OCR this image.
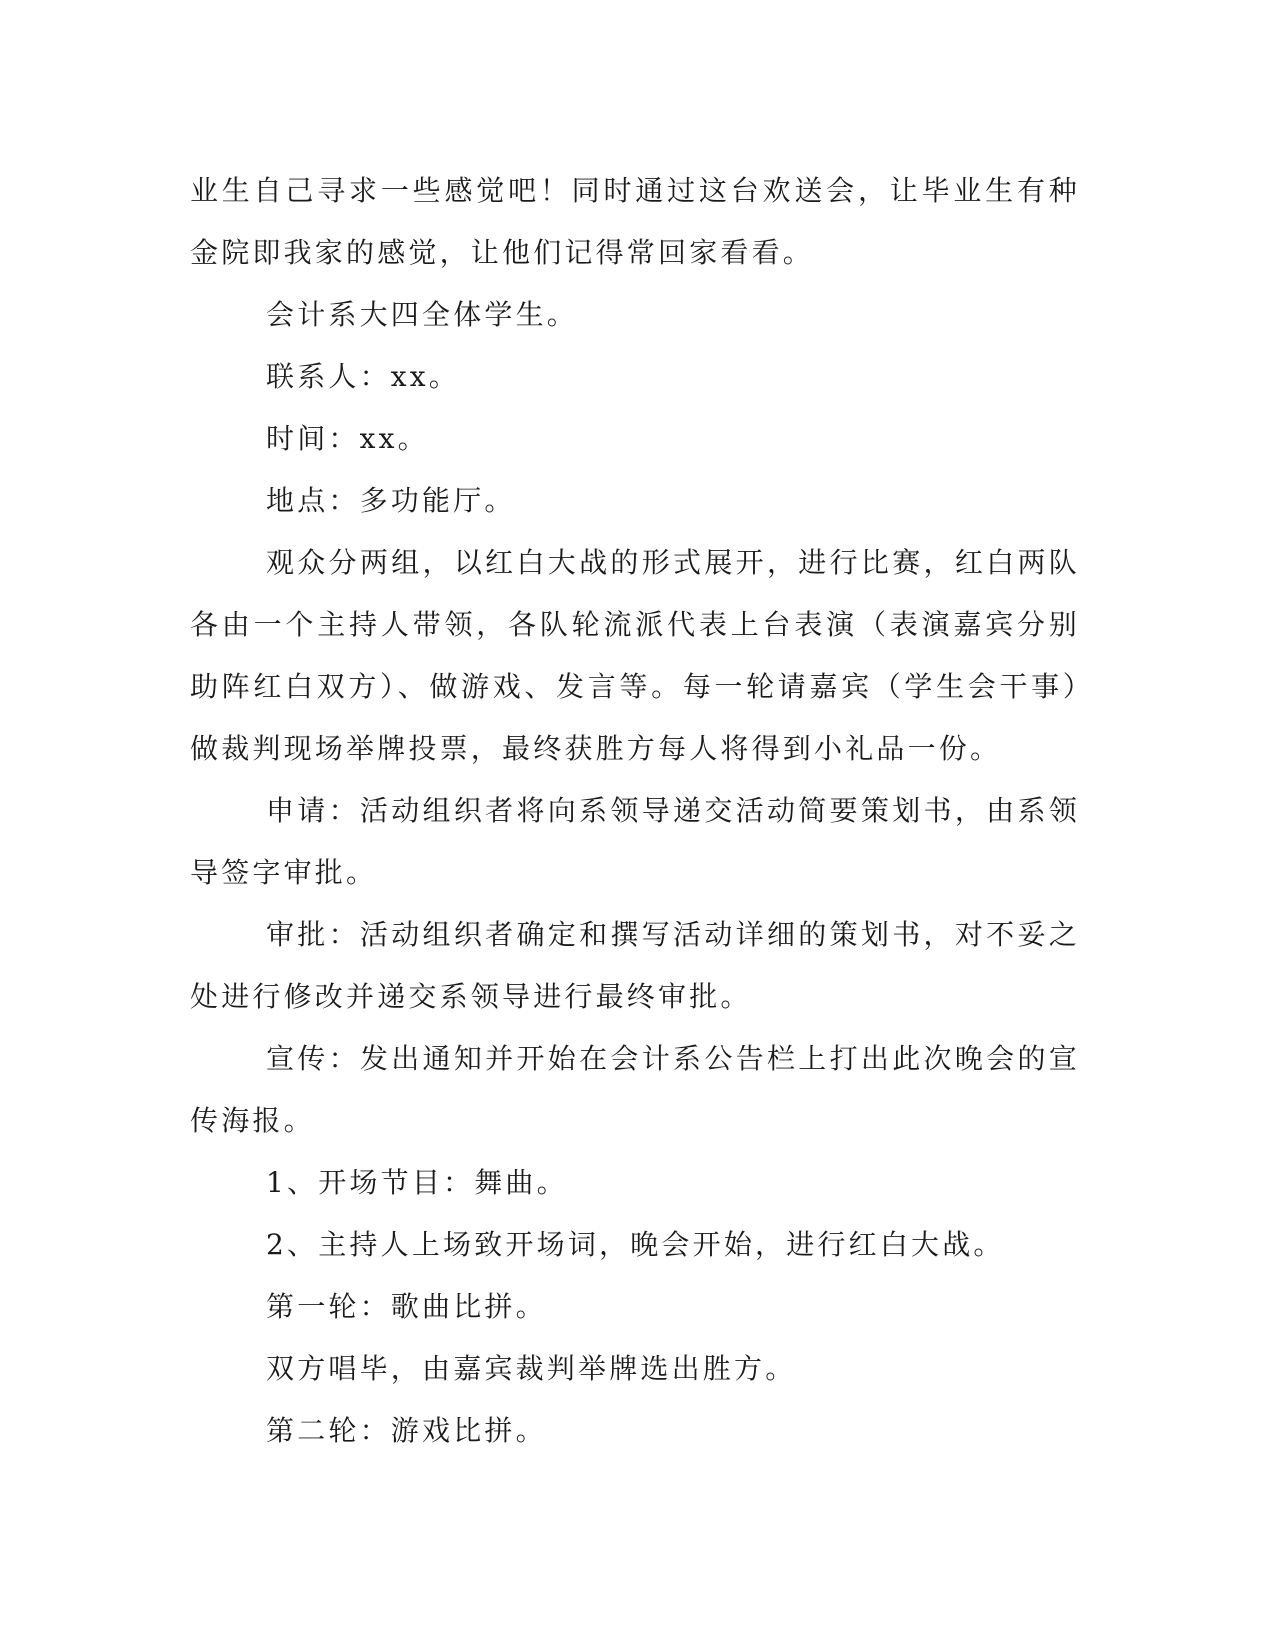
业生自己寻求一些感觉吧！同时通过这台欢送会，让毕业生有种金院即我家的感觉，让他们记得常回家看看。

会计系大四全体学生。

联系人：xx。

时间：xx。

地点：多功能厅。

观众分两组，以红白大战的形式展开，进行比赛，红白两队各由一个主持人带领，各队轮流派代表上台表演（表演嘉宾分别助阵红白双方）、做游戏、发言等。每一轮请嘉宾（学生会干事）做裁判现场举牌投票，最终获胜方每人将得到小礼品一份。

申请：活动组织者将向系领导递交活动简要策划书，由系领导签字审批。

审批：活动组织者确定和撰写活动详细的策划书，对不妥之处进行修改并递交系领导进行最终审批。

宣传：发出通知并开始在会计系公告栏上打出此次晚会的宣传海报。

1、开场节目：舞曲。

2、主持人上场致开场词，晚会开始，进行红白大战。

第一轮：歌曲比拼。

双方唱毕，由嘉宾裁判举牌选出胜方。

第二轮：游戏比拼。
